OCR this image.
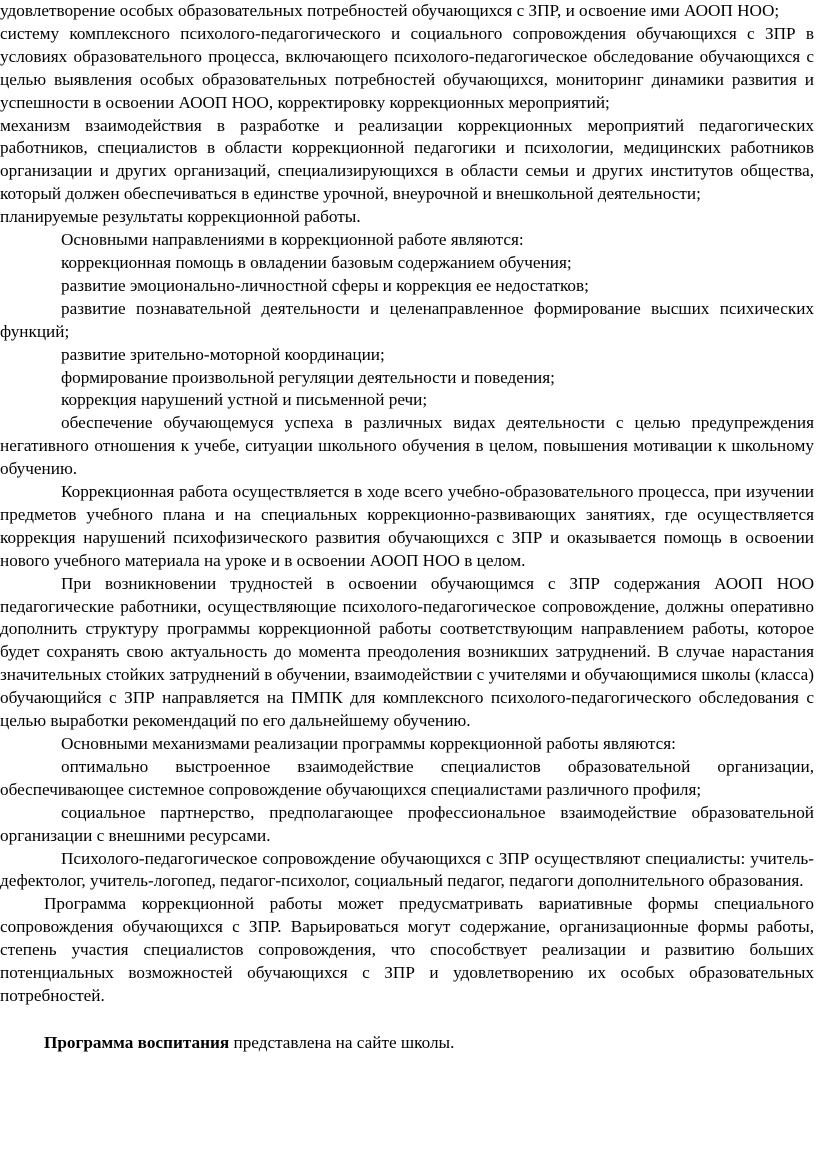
удовлетворение особых образовательных потребностей обучающихся с ЗПР, и освоение ими АООП НОО;

систему комплексного психолого-педагогического и социального сопровождения обучающихся с ЗПР в условиях образовательного процесса, включающего психолого-педагогическое обследование обучающихся с целью выявления особых образовательных потребностей обучающихся, мониторинг динамики развития и успешности в освоении АООП НОО, корректировку коррекционных мероприятий;

механизм взаимодействия в разработке и реализации коррекционных мероприятий педагогических работников, специалистов в области коррекционной педагогики и психологии, медицинских работников организации и других организаций, специализирующихся в области семьи и других институтов общества, который должен обеспечиваться в единстве урочной, внеурочной и внешкольной деятельности;

планируемые результаты коррекционной работы.

Основными направлениями в коррекционной работе являются:

коррекционная помощь в овладении базовым содержанием обучения;

развитие эмоционально-личностной сферы и коррекция ее недостатков;

развитие познавательной деятельности и целенаправленное формирование высших психических функций;

развитие зрительно-моторной координации;

формирование произвольной регуляции деятельности и поведения;

коррекция нарушений устной и письменной речи;

обеспечение обучающемуся успеха в различных видах деятельности с целью предупреждения негативного отношения к учебе, ситуации школьного обучения в целом, повышения мотивации к школьному обучению.

Коррекционная работа осуществляется в ходе всего учебно-образовательного процесса, при изучении предметов учебного плана и на специальных коррекционно-развивающих занятиях, где осуществляется коррекция нарушений психофизического развития обучающихся с ЗПР и оказывается помощь в освоении нового учебного материала на уроке и в освоении АООП НОО в целом.

При возникновении трудностей в освоении обучающимся с ЗПР содержания АООП НОО педагогические работники, осуществляющие психолого-педагогическое сопровождение, должны оперативно дополнить структуру программы коррекционной работы соответствующим направлением работы, которое будет сохранять свою актуальность до момента преодоления возникших затруднений. В случае нарастания значительных стойких затруднений в обучении, взаимодействии с учителями и обучающимися школы (класса) обучающийся с ЗПР направляется на ПМПК для комплексного психолого-педагогического обследования с целью выработки рекомендаций по его дальнейшему обучению.

Основными механизмами реализации программы коррекционной работы являются:

оптимально выстроенное взаимодействие специалистов образовательной организации, обеспечивающее системное сопровождение обучающихся специалистами различного профиля;

социальное партнерство, предполагающее профессиональное взаимодействие образовательной организации с внешними ресурсами.

Психолого-педагогическое сопровождение обучающихся с ЗПР осуществляют специалисты: учитель-дефектолог, учитель-логопед, педагог-психолог, социальный педагог, педагоги дополнительного образования.

Программа коррекционной работы может предусматривать вариативные формы специального сопровождения обучающихся с ЗПР. Варьироваться могут содержание, организационные формы работы, степень участия специалистов сопровождения, что способствует реализации и развитию больших потенциальных возможностей обучающихся с ЗПР и удовлетворению их особых образовательных потребностей.

Программа воспитания представлена на сайте школы.
